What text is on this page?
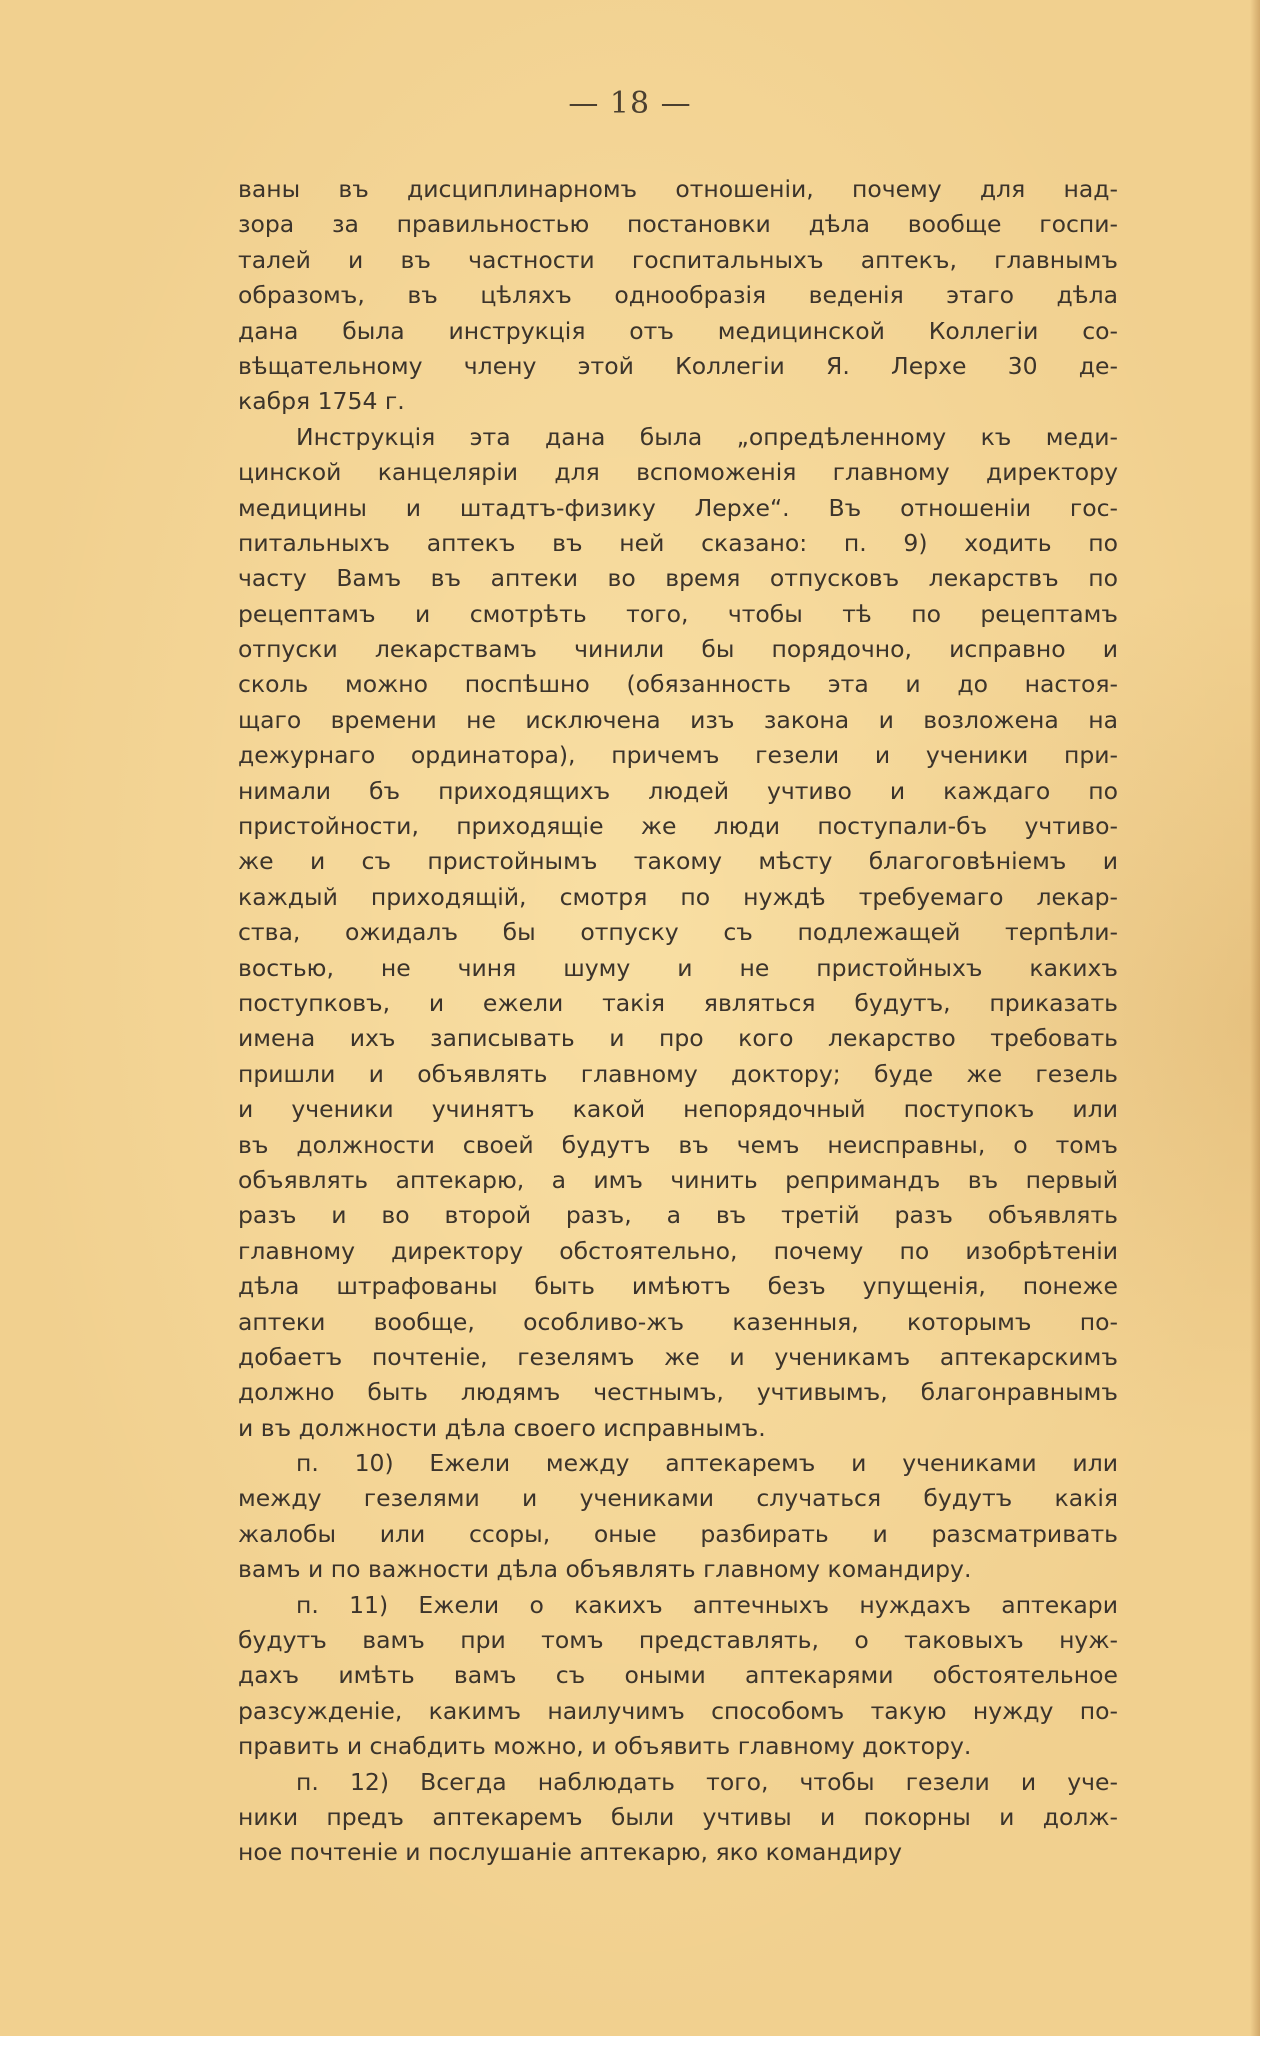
— 18 —
ваны въ дисциплинарномъ отношеніи, почему для над-
зора за правильностью постановки дѣла вообще госпи-
талей и въ частности госпитальныхъ аптекъ, главнымъ
образомъ, въ цѣляхъ однообразія веденія этаго дѣла
дана была инструкція отъ медицинской Коллегіи со-
вѣщательному члену этой Коллегіи Я. Лерхе 30 де-
кабря 1754 г.
Инструкція эта дана была „опредѣленному къ меди-
цинской канцеляріи для вспоможенія главному директору
медицины и штадтъ-физику Лерхе“. Въ отношеніи гос-
питальныхъ аптекъ въ ней сказано: п. 9) ходить по
часту Вамъ въ аптеки во время отпусковъ лекарствъ по
рецептамъ и смотрѣть того, чтобы тѣ по рецептамъ
отпуски лекарствамъ чинили бы порядочно, исправно и
сколь можно поспѣшно (обязанность эта и до настоя-
щаго времени не исключена изъ закона и возложена на
дежурнаго ординатора), причемъ гезели и ученики при-
нимали бъ приходящихъ людей учтиво и каждаго по
пристойности, приходящіе же люди поступали-бъ учтиво-
же и съ пристойнымъ такому мѣсту благоговѣніемъ и
каждый приходящій, смотря по нуждѣ требуемаго лекар-
ства, ожидалъ бы отпуску съ подлежащей терпѣли-
востью, не чиня шуму и не пристойныхъ какихъ
поступковъ, и ежели такія являться будутъ, приказать
имена ихъ записывать и про кого лекарство требовать
пришли и объявлять главному доктору; буде же гезель
и ученики учинятъ какой непорядочный поступокъ или
въ должности своей будутъ въ чемъ неисправны, о томъ
объявлять аптекарю, а имъ чинить репримандъ въ первый
разъ и во второй разъ, а въ третій разъ объявлять
главному директору обстоятельно, почему по изобрѣтеніи
дѣла штрафованы быть имѣютъ безъ упущенія, понеже
аптеки вообще, особливо-жъ казенныя, которымъ по-
добаетъ почтеніе, гезелямъ же и ученикамъ аптекарскимъ
должно быть людямъ честнымъ, учтивымъ, благонравнымъ
и въ должности дѣла своего исправнымъ.
п. 10) Ежели между аптекаремъ и учениками или
между гезелями и учениками случаться будутъ какія
жалобы или ссоры, оные разбирать и разсматривать
вамъ и по важности дѣла объявлять главному командиру.
п. 11) Ежели о какихъ аптечныхъ нуждахъ аптекари
будутъ вамъ при томъ представлять, о таковыхъ нуж-
дахъ имѣть вамъ съ оными аптекарями обстоятельное
разсужденіе, какимъ наилучимъ способомъ такую нужду по-
править и снабдить можно, и объявить главному доктору.
п. 12) Всегда наблюдать того, чтобы гезели и уче-
ники предъ аптекаремъ были учтивы и покорны и долж-
ное почтеніе и послушаніе аптекарю, яко командиру
